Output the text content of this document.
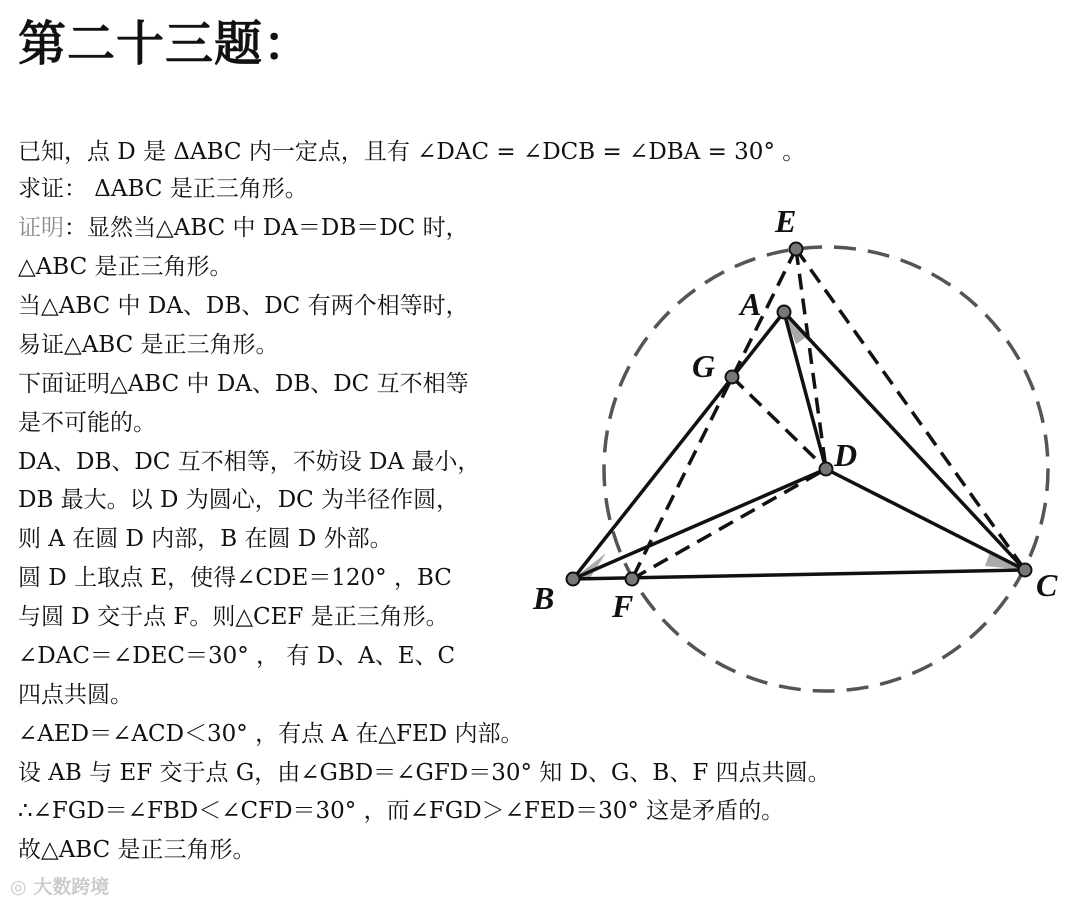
第二十三题：
已知，点 D 是 ΔABC 内一定点，且有 ∠DAC = ∠DCB = ∠DBA = 30° 。
求证： ΔABC 是正三角形。
证明：显然当△ABC 中 DA＝DB＝DC 时，
△ABC 是正三角形。
当△ABC 中 DA、DB、DC 有两个相等时，
易证△ABC 是正三角形。
下面证明△ABC 中 DA、DB、DC 互不相等
是不可能的。
DA、DB、DC 互不相等，不妨设 DA 最小，
DB 最大。以 D 为圆心，DC 为半径作圆，
则 A 在圆 D 内部，B 在圆 D 外部。
圆 D 上取点 E，使得∠CDE＝120° ，BC
与圆 D 交于点 F。则△CEF 是正三角形。
∠DAC＝∠DEC＝30° ， 有 D、A、E、C
四点共圆。
∠AED＝∠ACD＜30° ，有点 A 在△FED 内部。
设 AB 与 EF 交于点 G，由∠GBD＝∠GFD＝30° 知 D、G、B、F 四点共圆。
∴∠FGD＝∠FBD＜∠CFD＝30° ，而∠FGD＞∠FED＝30° 这是矛盾的。
故△ABC 是正三角形。
E
A
G
D
B F
C
◎ 大数跨境
